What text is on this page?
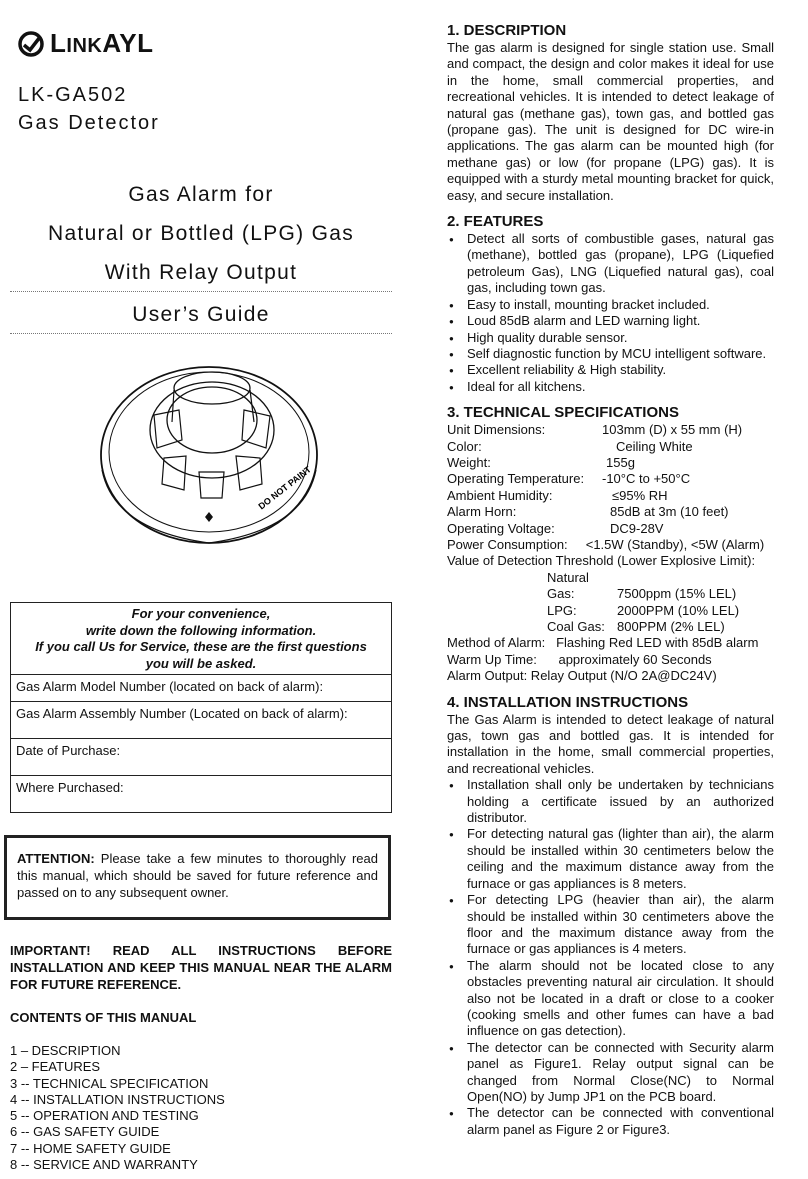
LINKAYL
LK-GA502
Gas Detector
Gas Alarm for
Natural or Bottled (LPG) Gas
With Relay Output
User’s Guide
DO NOT PAINT
For your convenience,
write down the following information.
If you call Us for Service, these are the first questions
you will be asked.
Gas Alarm Model Number (located on back of alarm):
Gas Alarm Assembly Number (Located on back of alarm):
Date of Purchase:
Where Purchased:
ATTENTION: Please take a few minutes to thoroughly read this manual, which should be saved for future reference and passed on to any subsequent owner.
IMPORTANT! READ ALL INSTRUCTIONS BEFORE INSTALLATION AND KEEP THIS MANUAL NEAR THE ALARM FOR FUTURE REFERENCE.
CONTENTS OF THIS MANUAL
1 – DESCRIPTION
2 – FEATURES
3 -- TECHNICAL SPECIFICATION
4 -- INSTALLATION INSTRUCTIONS
5 -- OPERATION AND TESTING
6 -- GAS SAFETY GUIDE
7 -- HOME SAFETY GUIDE
8 -- SERVICE AND WARRANTY
1. DESCRIPTION

The gas alarm is designed for single station use. Small and compact, the design and color makes it ideal for use in the home, small commercial properties, and recreational vehicles. It is intended to detect leakage of natural gas (methane gas), town gas, and bottled gas (propane gas). The unit is designed for DC wire-in applications. The gas alarm can be mounted high (for methane gas) or low (for propane (LPG) gas). It is equipped with a sturdy metal mounting bracket for quick, easy, and secure installation.

2. FEATURES
● Detect all sorts of combustible gases, natural gas (methane), bottled gas (propane), LPG (Liquefied petroleum Gas), LNG (Liquefied natural gas), coal gas, including town gas.
● Easy to install, mounting bracket included.
● Loud 85dB alarm and LED warning light.
● High quality durable sensor.
● Self diagnostic function by MCU intelligent software.
● Excellent reliability & High stability.
● Ideal for all kitchens.
3. TECHNICAL SPECIFICATIONS
Unit Dimensions:	103mm (D) x 55 mm (H)
Color:	Ceiling White
Weight:	155g
Operating Temperature:	-10°C to +50°C
Ambient Humidity:	≤95% RH
Alarm Horn:	85dB at 3m (10 feet)
Operating Voltage:	DC9-28V
Power Consumption:     <1.5W (Standby), <5W (Alarm)
Value of Detection Threshold (Lower Explosive Limit):
Natural Gas:	7500ppm (15% LEL)
LPG:	2000PPM (10% LEL)
Coal Gas: 800PPM (2% LEL)
Method of Alarm:   Flashing Red LED with 85dB alarm
Warm Up Time:      approximately 60 Seconds
Alarm Output: Relay Output (N/O 2A@DC24V)
4. INSTALLATION INSTRUCTIONS

The Gas Alarm is intended to detect leakage of natural gas, town gas and bottled gas. It is intended for installation in the home, small commercial properties, and recreational vehicles.

● Installation shall only be undertaken by technicians holding a certificate issued by an authorized distributor.
● For detecting natural gas (lighter than air), the alarm should be installed within 30 centimeters below the ceiling and the maximum distance away from the furnace or gas appliances is 8 meters.
● For detecting LPG (heavier than air), the alarm should be installed within 30 centimeters above the floor and the maximum distance away from the furnace or gas appliances is 4 meters.
● The alarm should not be located close to any obstacles preventing natural air circulation. It should also not be located in a draft or close to a cooker (cooking smells and other fumes can have a bad influence on gas detection).
● The detector can be connected with Security alarm panel as Figure1. Relay output signal can be changed from Normal Close(NC) to Normal Open(NO) by Jump JP1 on the PCB board.
● The detector can be connected with conventional alarm panel as Figure 2 or Figure3.
